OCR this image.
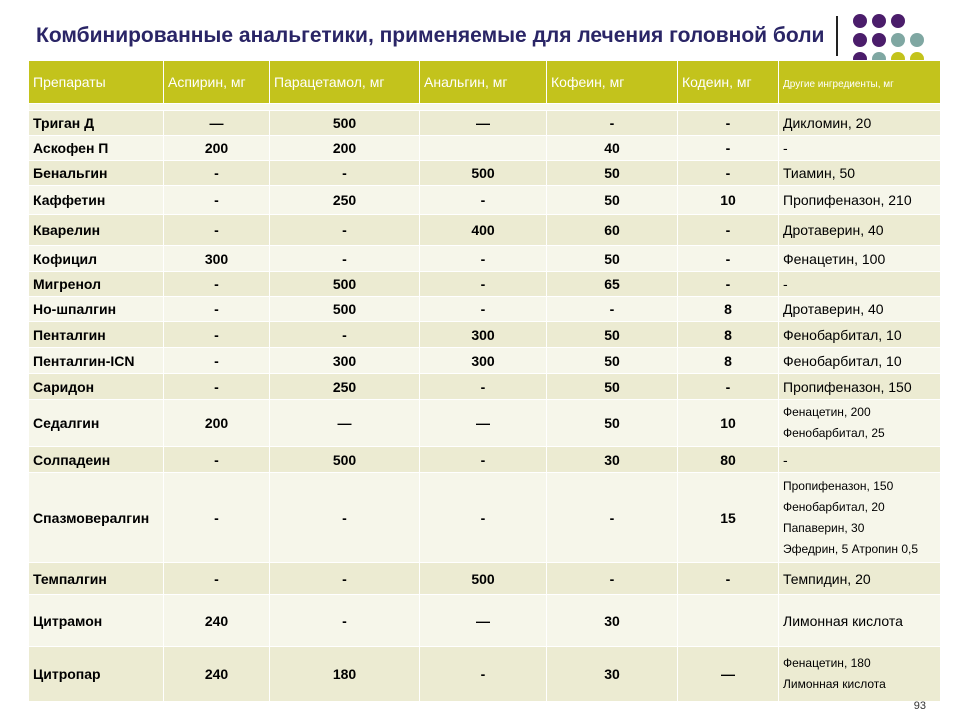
Комбинированные анальгетики, применяемые для лечения головной боли
Препараты	Аспирин, мг	Парацетамол, мг	Анальгин, мг	Кофеин, мг	Кодеин, мг	Другие ингредиенты, мг

Триган Д	—	500	—	-	-	Дикломин, 20

Аскофен П	200	200		40	-	-

Бенальгин	-	-	500	50	-	Тиамин, 50

Каффетин	-	250	-	50	10	Пропифеназон, 210

Кварелин	-	-	400	60	-	Дротаверин, 40

Кофицил	300	-	-	50	-	Фенацетин, 100

Мигренол	-	500	-	65	-	-

Но-шпалгин	-	500	-	-	8	Дротаверин, 40

Пенталгин	-	-	300	50	8	Фенобарбитал, 10

Пенталгин-ICN	-	300	300	50	8	Фенобарбитал, 10

Саридон	-	250	-	50	-	Пропифеназон, 150

Седалгин	200	—	—	50	10	Фенацетин, 200
Фенобарбитал, 25

Солпадеин	-	500	-	30	80	-

Спазмовералгин	-	-	-	-	15	Пропифеназон, 150
Фенобарбитал, 20
Папаверин, 30
Эфедрин, 5 Атропин 0,5

Темпалгин	-	-	500	-	-	Темпидин, 20

Цитрамон	240	-	—	30		Лимонная кислота

Цитропар	240	180	-	30	—	Фенацетин, 180
Лимонная кислота
93
